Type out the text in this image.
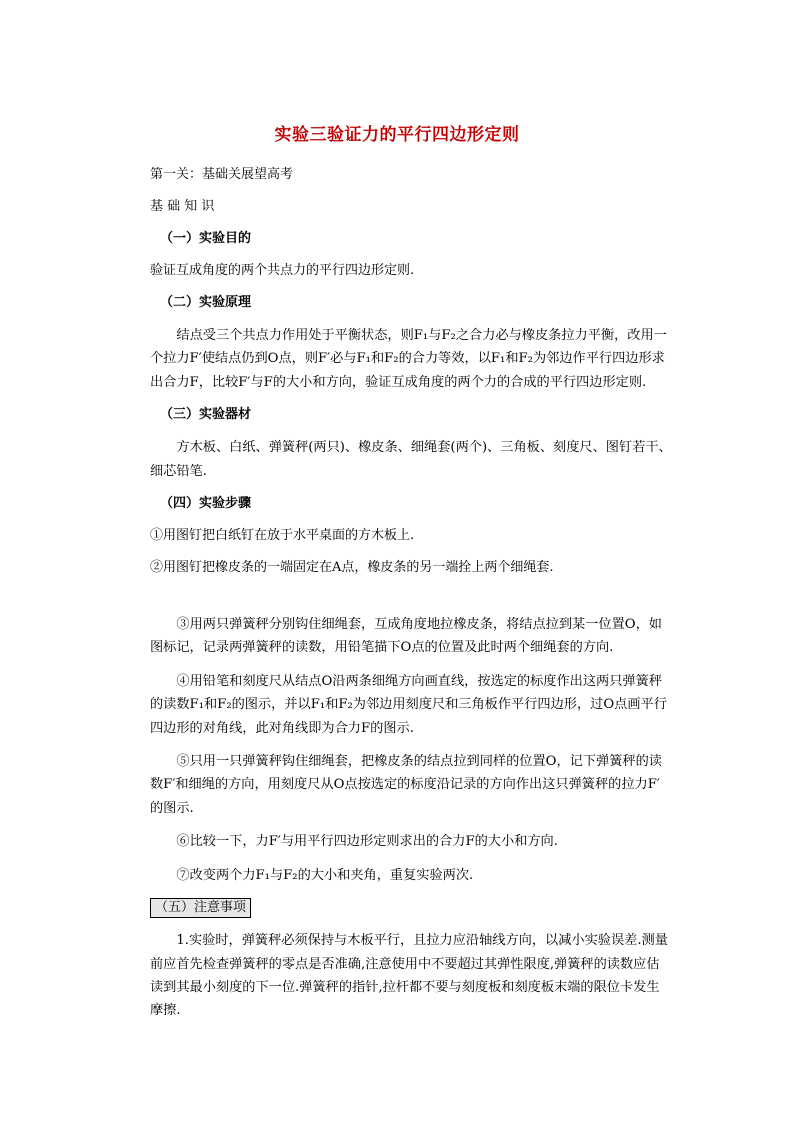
实验三验证力的平行四边形定则

第一关：基础关展望高考

基 础 知 识

（一）实验目的

验证互成角度的两个共点力的平行四边形定则.

（二）实验原理

结点受三个共点力作用处于平衡状态，则F₁与F₂之合力必与橡皮条拉力平衡，改用一个拉力F′使结点仍到O点，则F′必与F₁和F₂的合力等效，以F₁和F₂为邻边作平行四边形求出合力F，比较F′与F的大小和方向，验证互成角度的两个力的合成的平行四边形定则.

（三）实验器材

方木板、白纸、弹簧秤(两只)、橡皮条、细绳套(两个)、三角板、刻度尺、图钉若干、细芯铅笔.

（四）实验步骤

①用图钉把白纸钉在放于水平桌面的方木板上.

②用图钉把橡皮条的一端固定在A点，橡皮条的另一端拴上两个细绳套.

③用两只弹簧秤分别钩住细绳套，互成角度地拉橡皮条，将结点拉到某一位置O，如图标记，记录两弹簧秤的读数，用铅笔描下O点的位置及此时两个细绳套的方向.

④用铅笔和刻度尺从结点O沿两条细绳方向画直线，按选定的标度作出这两只弹簧秤的读数F₁和F₂的图示，并以F₁和F₂为邻边用刻度尺和三角板作平行四边形，过O点画平行四边形的对角线，此对角线即为合力F的图示.

⑤只用一只弹簧秤钩住细绳套，把橡皮条的结点拉到同样的位置O，记下弹簧秤的读数F′和细绳的方向，用刻度尺从O点按选定的标度沿记录的方向作出这只弹簧秤的拉力F′的图示.

⑥比较一下，力F′与用平行四边形定则求出的合力F的大小和方向.

⑦改变两个力F₁与F₂的大小和夹角，重复实验两次.

（五）注意事项

1.实验时，弹簧秤必须保持与木板平行，且拉力应沿轴线方向，以减小实验误差.测量前应首先检查弹簧秤的零点是否准确,注意使用中不要超过其弹性限度,弹簧秤的读数应估读到其最小刻度的下一位.弹簧秤的指针,拉杆都不要与刻度板和刻度板末端的限位卡发生摩擦.
